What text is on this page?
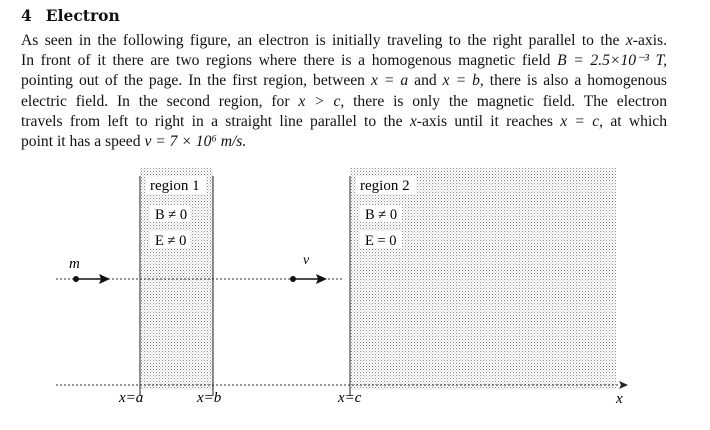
4 Electron
As seen in the following figure, an electron is initially traveling to the right parallel to the x-axis.
In front of it there are two regions where there is a homogenous magnetic field B = 2.5×10⁻³ T,
pointing out of the page. In the first region, between x = a and x = b, there is also a homogenous
electric field. In the second region, for x > c, there is only the magnetic field. The electron
travels from left to right in a straight line parallel to the x-axis until it reaches x = c, at which
point it has a speed v = 7 × 10⁶ m/s.
region 1
B ≠ 0
E ≠ 0
region 2
B ≠ 0
E = 0
m	v
x
x=a	x=b	x=c
